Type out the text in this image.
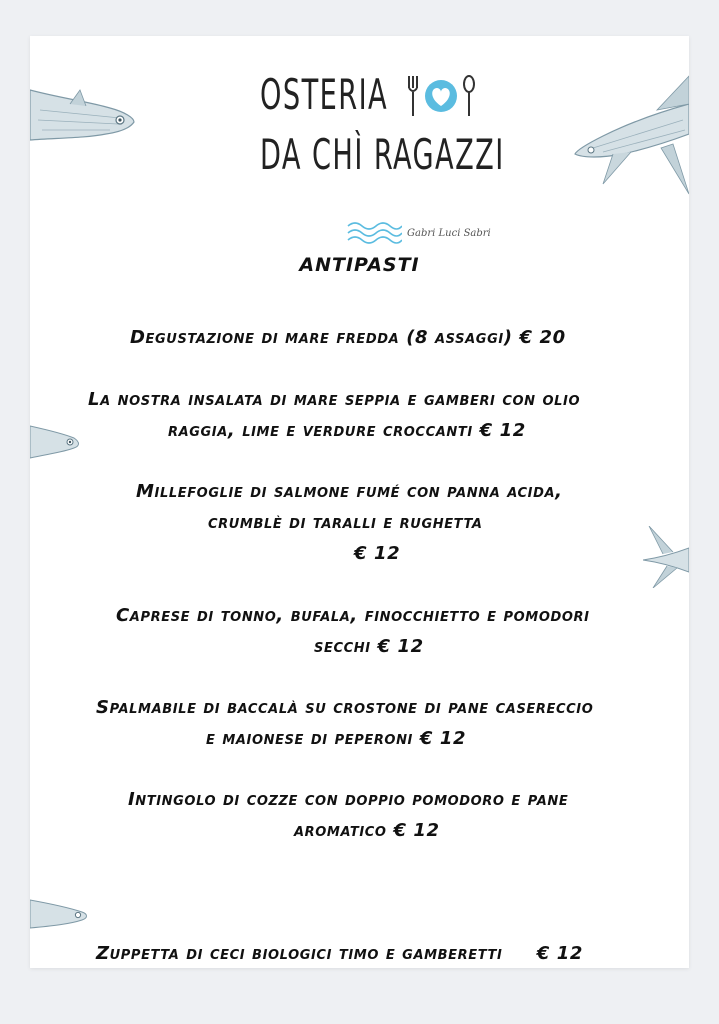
OSTERIA
DA CHÌ RAGAZZI
Gabri Luci Sabri
ANTIPASTI
Degustazione di mare fredda (8 assaggi) € 20
La nostra insalata di mare seppia e gamberi con olio
raggia, lime e verdure croccanti € 12
Millefoglie di salmone fumé con panna acida,
crumblè di taralli e rughetta
€ 12
Caprese di tonno, bufala, finocchietto e pomodori
secchi € 12
Spalmabile di baccalà su crostone di pane casereccio
e maionese di peperoni € 12
Intingolo di cozze con doppio pomodoro e pane
aromatico € 12

Zuppetta di ceci biologici timo e gamberetti     € 12
